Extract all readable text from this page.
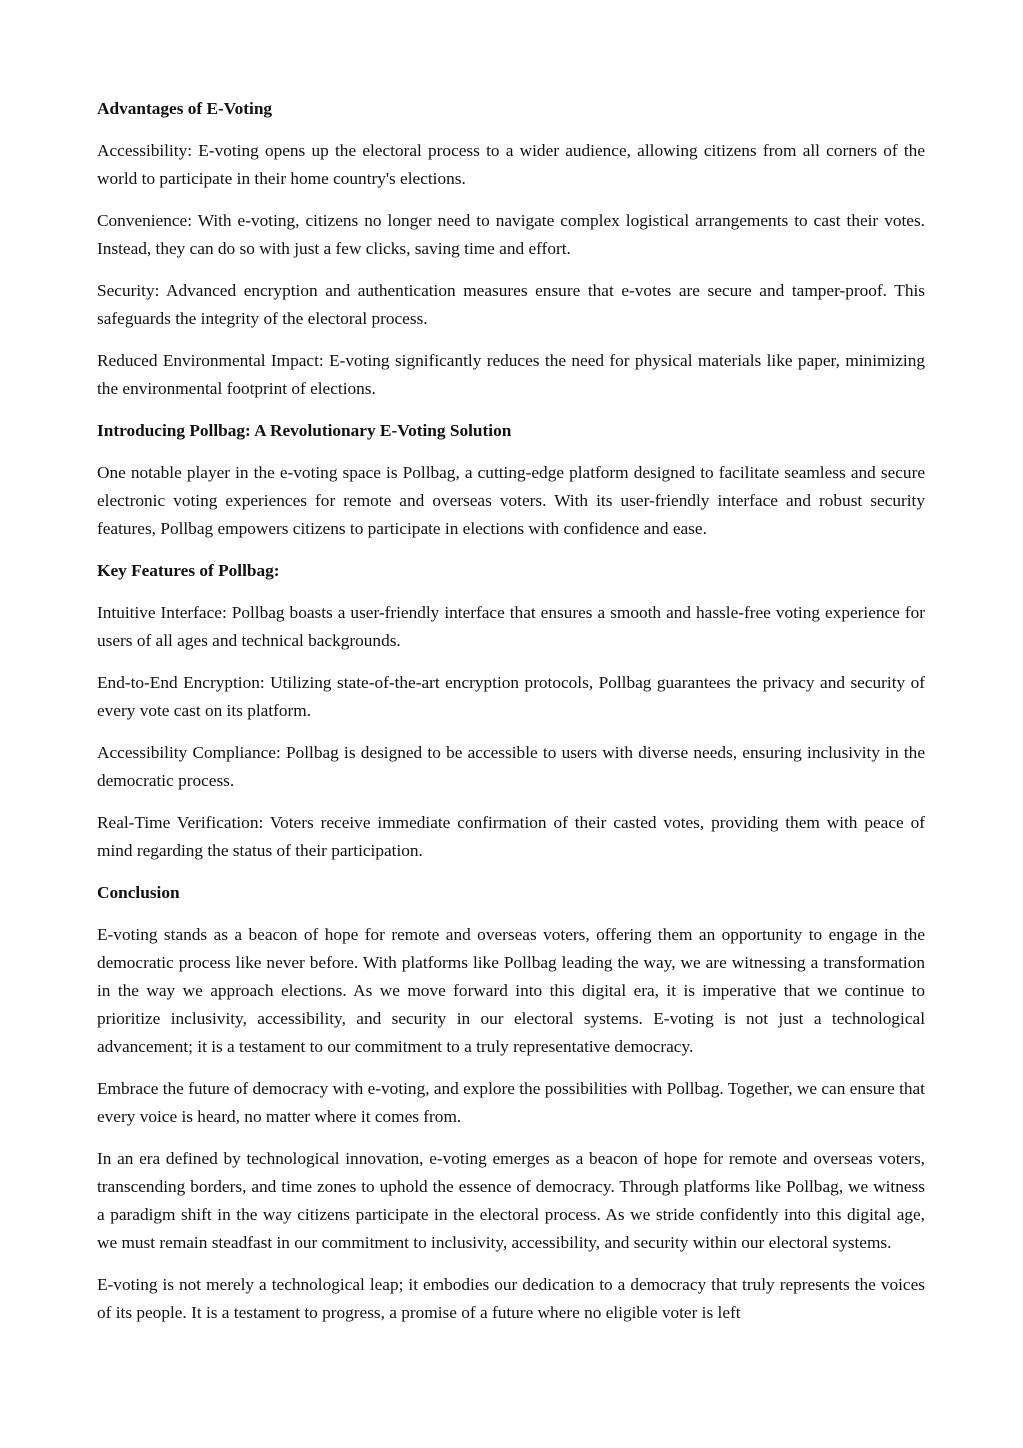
Advantages of E-Voting

Accessibility: E-voting opens up the electoral process to a wider audience, allowing citizens from all corners of the world to participate in their home country's elections.

Convenience: With e-voting, citizens no longer need to navigate complex logistical arrangements to cast their votes. Instead, they can do so with just a few clicks, saving time and effort.

Security: Advanced encryption and authentication measures ensure that e-votes are secure and tamper-proof. This safeguards the integrity of the electoral process.

Reduced Environmental Impact: E-voting significantly reduces the need for physical materials like paper, minimizing the environmental footprint of elections.

Introducing Pollbag: A Revolutionary E-Voting Solution

One notable player in the e-voting space is Pollbag, a cutting-edge platform designed to facilitate seamless and secure electronic voting experiences for remote and overseas voters. With its user-friendly interface and robust security features, Pollbag empowers citizens to participate in elections with confidence and ease.

Key Features of Pollbag:

Intuitive Interface: Pollbag boasts a user-friendly interface that ensures a smooth and hassle-free voting experience for users of all ages and technical backgrounds.

End-to-End Encryption: Utilizing state-of-the-art encryption protocols, Pollbag guarantees the privacy and security of every vote cast on its platform.

Accessibility Compliance: Pollbag is designed to be accessible to users with diverse needs, ensuring inclusivity in the democratic process.

Real-Time Verification: Voters receive immediate confirmation of their casted votes, providing them with peace of mind regarding the status of their participation.

Conclusion

E-voting stands as a beacon of hope for remote and overseas voters, offering them an opportunity to engage in the democratic process like never before. With platforms like Pollbag leading the way, we are witnessing a transformation in the way we approach elections. As we move forward into this digital era, it is imperative that we continue to prioritize inclusivity, accessibility, and security in our electoral systems. E-voting is not just a technological advancement; it is a testament to our commitment to a truly representative democracy.

Embrace the future of democracy with e-voting, and explore the possibilities with Pollbag. Together, we can ensure that every voice is heard, no matter where it comes from.

In an era defined by technological innovation, e-voting emerges as a beacon of hope for remote and overseas voters, transcending borders, and time zones to uphold the essence of democracy. Through platforms like Pollbag, we witness a paradigm shift in the way citizens participate in the electoral process. As we stride confidently into this digital age, we must remain steadfast in our commitment to inclusivity, accessibility, and security within our electoral systems.

E-voting is not merely a technological leap; it embodies our dedication to a democracy that truly represents the voices of its people. It is a testament to progress, a promise of a future where no eligible voter is left
